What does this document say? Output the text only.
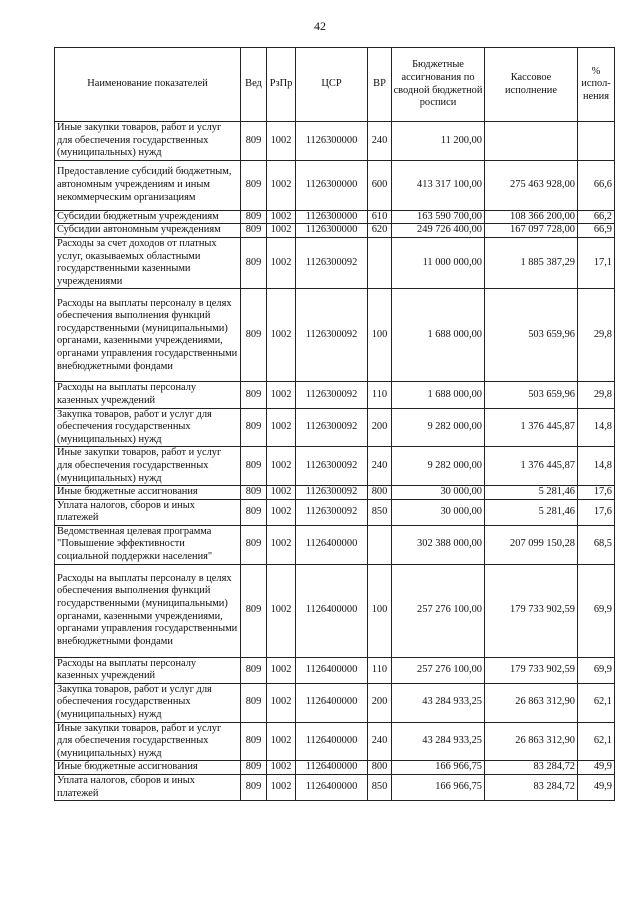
42
Наименование показателей	Вед	РзПр	ЦСР	ВР	Бюджетные ассигнования по сводной бюджетной росписи	Кассовое исполнение	% испол-нения
Иные закупки товаров, работ и услуг для обеспечения государственных (муниципальных) нужд	809	1002	1126300000	240	11 200,00		
Предоставление субсидий бюджетным, автономным учреждениям и иным некоммерческим организациям	809	1002	1126300000	600	413 317 100,00	275 463 928,00	66,6
Субсидии бюджетным учреждениям	809	1002	1126300000	610	163 590 700,00	108 366 200,00	66,2
Субсидии автономным учреждениям	809	1002	1126300000	620	249 726 400,00	167 097 728,00	66,9
Расходы за счет доходов от платных услуг, оказываемых областными государственными казенными учреждениями	809	1002	1126300092		11 000 000,00	1 885 387,29	17,1
Расходы на выплаты персоналу в целях обеспечения выполнения функций государственными (муниципальными) органами, казенными учреждениями, органами управления государственными внебюджетными фондами	809	1002	1126300092	100	1 688 000,00	503 659,96	29,8
Расходы на выплаты персоналу казенных учреждений	809	1002	1126300092	110	1 688 000,00	503 659,96	29,8
Закупка товаров, работ и услуг для обеспечения государственных (муниципальных) нужд	809	1002	1126300092	200	9 282 000,00	1 376 445,87	14,8
Иные закупки товаров, работ и услуг для обеспечения государственных (муниципальных) нужд	809	1002	1126300092	240	9 282 000,00	1 376 445,87	14,8
Иные бюджетные ассигнования	809	1002	1126300092	800	30 000,00	5 281,46	17,6
Уплата налогов, сборов и иных платежей	809	1002	1126300092	850	30 000,00	5 281,46	17,6
Ведомственная целевая программа "Повышение эффективности социальной поддержки населения"	809	1002	1126400000		302 388 000,00	207 099 150,28	68,5
Расходы на выплаты персоналу в целях обеспечения выполнения функций государственными (муниципальными) органами, казенными учреждениями, органами управления государственными внебюджетными фондами	809	1002	1126400000	100	257 276 100,00	179 733 902,59	69,9
Расходы на выплаты персоналу казенных учреждений	809	1002	1126400000	110	257 276 100,00	179 733 902,59	69,9
Закупка товаров, работ и услуг для обеспечения государственных (муниципальных) нужд	809	1002	1126400000	200	43 284 933,25	26 863 312,90	62,1
Иные закупки товаров, работ и услуг для обеспечения государственных (муниципальных) нужд	809	1002	1126400000	240	43 284 933,25	26 863 312,90	62,1
Иные бюджетные ассигнования	809	1002	1126400000	800	166 966,75	83 284,72	49,9
Уплата налогов, сборов и иных платежей	809	1002	1126400000	850	166 966,75	83 284,72	49,9
